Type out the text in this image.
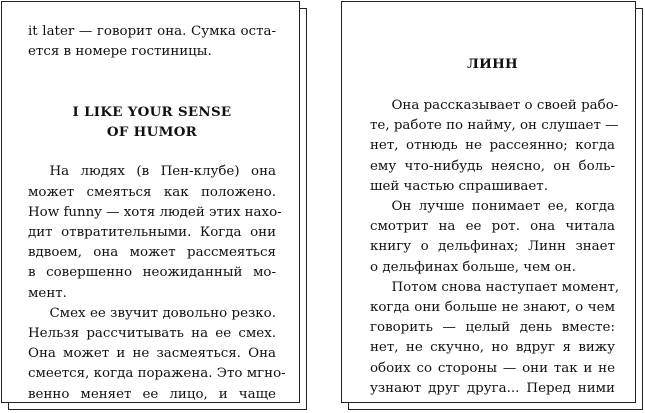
it later — говорит она. Сумка оста-
ется в номере гостиницы.

I LIKE YOUR SENSE
OF HUMOR

На людях (в Пен-клубе) она
может смеяться как положено.
How funny — хотя людей этих нахо-
дит отвратительными. Когда они
вдвоем, она может рассмеяться
в совершенно неожиданный мо-
мент.

Смех ее звучит довольно резко.
Нельзя рассчитывать на ее смех.
Она может и не засмеяться. Она
смеется, когда поражена. Это мгно-
венно меняет ее лицо, и чаще

ЛИНН

Она рассказывает о своей рабо-
те, работе по найму, он слушает —
нет, отнюдь не рассеянно; когда
ему что-нибудь неясно, он боль-
шей частью спрашивает.

Он лучше понимает ее, когда
смотрит на ее рот. она читала
книгу о дельфинах; Линн знает
о дельфинах больше, чем он.

Потом снова наступает момент,
когда они больше не знают, о чем
говорить — целый день вместе:
нет, не скучно, но вдруг я вижу
обоих со стороны — они так и не
узнают друг друга... Перед ними
